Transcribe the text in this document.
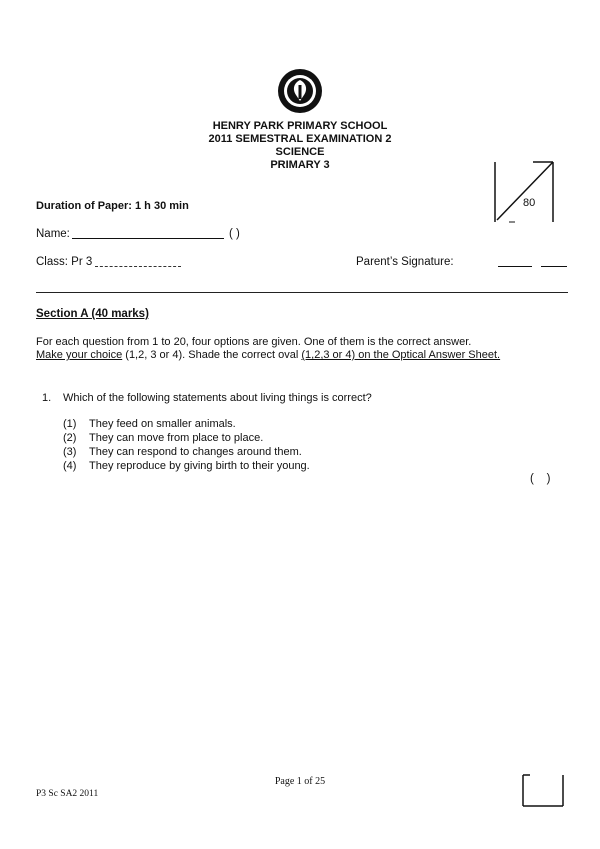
HENRY PARK PRIMARY SCHOOL
2011 SEMESTRAL EXAMINATION 2
SCIENCE
PRIMARY 3
80
Duration of Paper: 1 h 30 min
Name:	( )
Class: Pr 3	Parent’s Signature:
Section A (40 marks)
For each question from 1 to 20, four options are given. One of them is the correct answer.
Make your choice (1,2, 3 or 4). Shade the correct oval (1,2,3 or 4) on the Optical Answer Sheet.
1. Which of the following statements about living things is correct?
(1) They feed on smaller animals.
(2) They can move from place to place.
(3) They can respond to changes around them.
(4) They reproduce by giving birth to their young.
(    )
Page 1 of 25
P3 Sc SA2 2011
